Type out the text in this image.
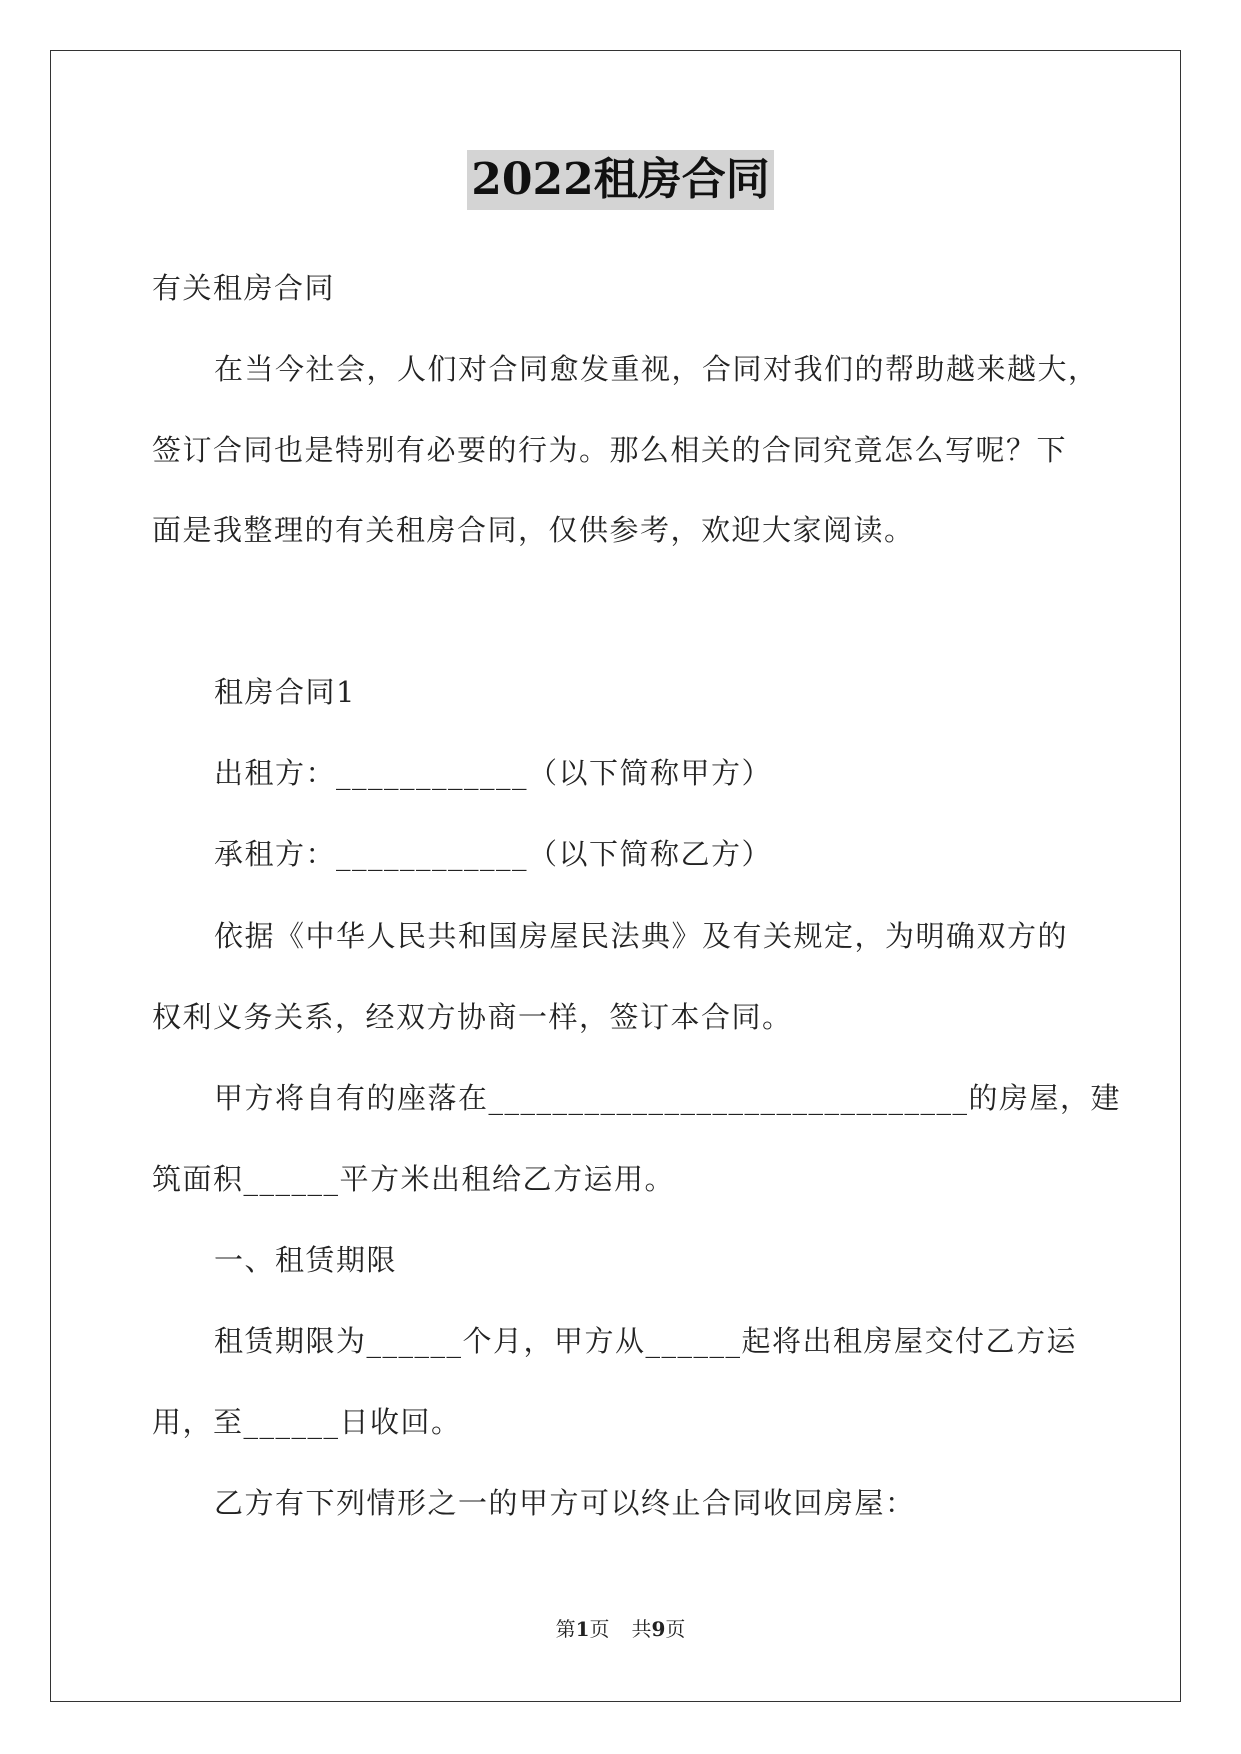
2022租房合同
有关租房合同
在当今社会，人们对合同愈发重视，合同对我们的帮助越来越大，
签订合同也是特别有必要的行为。那么相关的合同究竟怎么写呢？下
面是我整理的有关租房合同，仅供参考，欢迎大家阅读。
租房合同1
出租方：____________（以下简称甲方）
承租方：____________（以下简称乙方）
依据《中华人民共和国房屋民法典》及有关规定，为明确双方的
权利义务关系，经双方协商一样，签订本合同。
甲方将自有的座落在______________________________的房屋，建
筑面积______平方米出租给乙方运用。
一、租赁期限
租赁期限为______个月，甲方从______起将出租房屋交付乙方运
用，至______日收回。
乙方有下列情形之一的甲方可以终止合同收回房屋：
第1页 共9页
